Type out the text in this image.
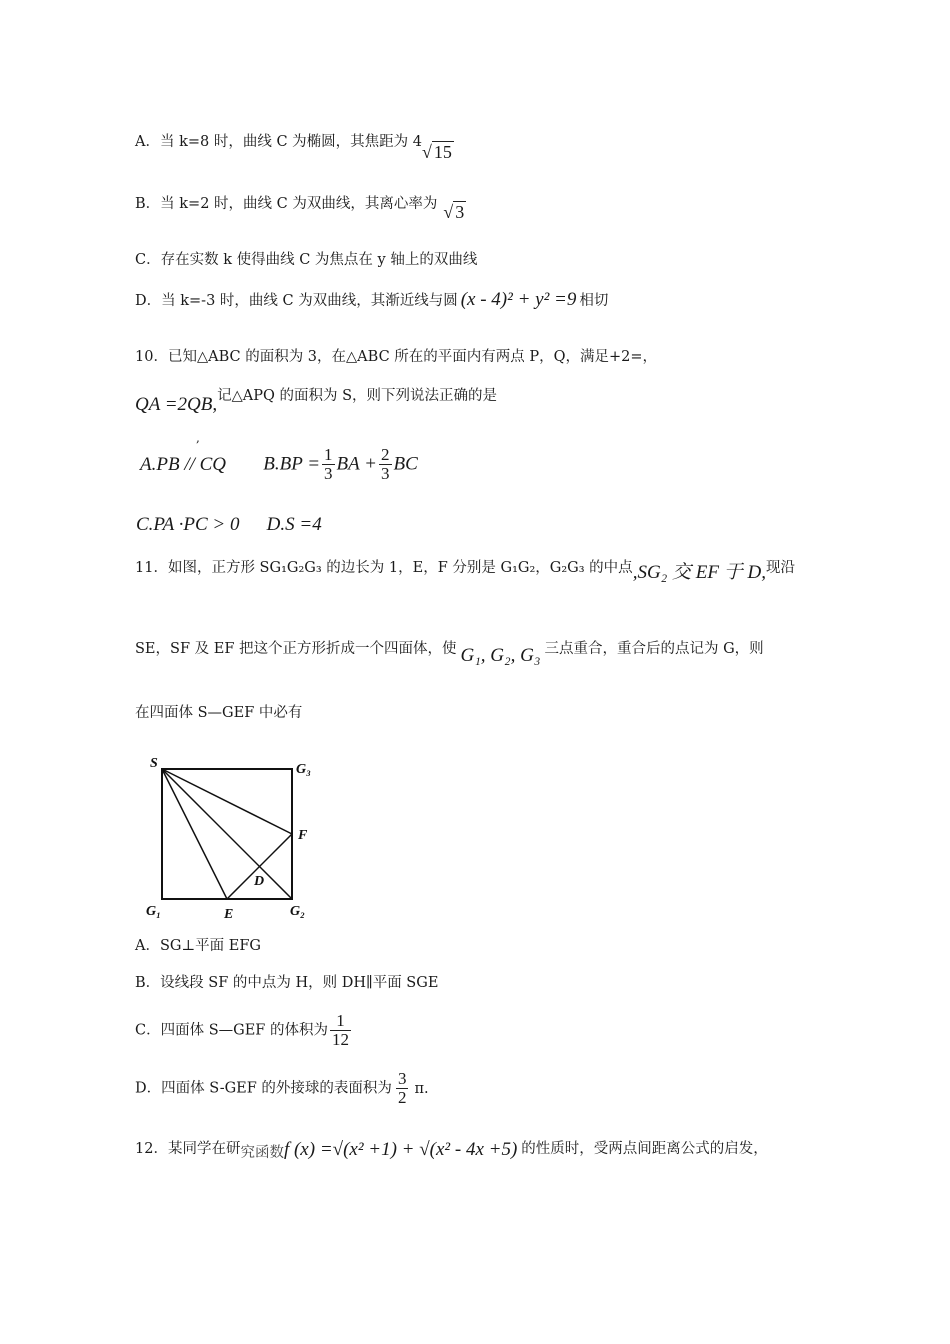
A．当 k=8 时，曲线 C 为椭圆，其焦距为 4√ 15
B．当 k=2 时，曲线 C 为双曲线，其离心率为 √ 3
C．存在实数 k 使得曲线 C 为焦点在 y 轴上的双曲线
D．当 k=-3 时，曲线 C 为双曲线，其渐近线与圆 (x - 4)² + y² =9 相切
10．已知△ABC 的面积为 3，在△ABC 所在的平面内有两点 P，Q，满足+2=，
QA =2QB,记△APQ 的面积为 S，则下列说法正确的是
,
A.PB // CQ $B.BP = \frac{1}{3}$ BA + $\frac{2}{3}$ BC
C.PA ·PC > 0 D.S =4
11．如图，正方形 SG₁G₂G₃ 的边长为 1，E，F 分别是 G₁G₂，G₂G₃ 的中点,SG₂ 交 EF 于 D,现沿
SE，SF 及 EF 把这个正方形折成一个四面体，使 G₁, G₂, G₃ 三点重合，重合后的点记为 G，则
在四面体 S—GEF 中必有
S	G₃
F
D
G₁	E	G₂
A．SG⊥平面 EFG
B．设线段 SF 的中点为 H，则 DH∥平面 SGE
C．四面体 S—GEF 的体积为 $\frac{1}{12}$
D．四面体 S-GEF 的外接球的表面积为 $\frac{3}{2} \pi$.
12．某同学在研究函数f (x) =√(x² +1) + √(x² - 4x +5) 的性质时，受两点间距离公式的启发，
